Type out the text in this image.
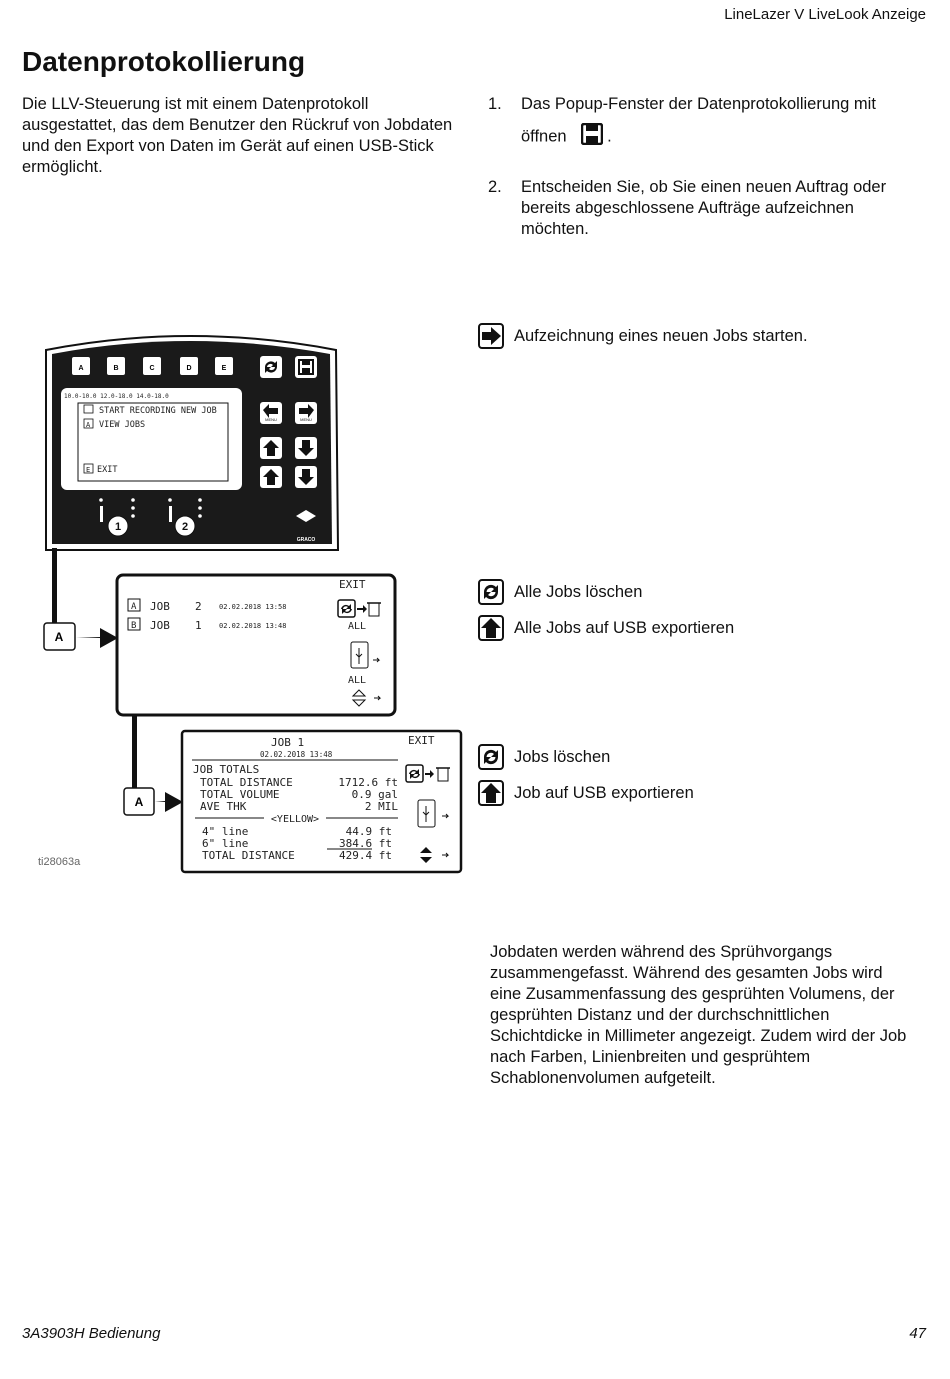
LineLazer V LiveLook Anzeige
Datenprotokollierung
Die LLV-Steuerung ist mit einem Datenprotokoll ausgestattet, das dem Benutzer den Rückruf von Jobdaten und den Export von Daten im Gerät auf einen USB-Stick ermöglicht.
1. Das Popup-Fenster der Datenprotokollierung mit
öffnen .
2. Entscheiden Sie, ob Sie einen neuen Auftrag oder bereits abgeschlossene Aufträge aufzeichnen möchten.
Aufzeichnung eines neuen Jobs starten.
Alle Jobs löschen
Alle Jobs auf USB exportieren
Jobs löschen
Job auf USB exportieren
A	B	C	D	E
MENU	MENU
10.0-10.0 12.0-18.0 14.0-18.0
START RECORDING NEW JOB
A VIEW JOBS
E EXIT
1	2
GRACO
A
A
EXIT
A JOB 2 02.02.2018 13:58
B JOB 1 02.02.2018 13:48	ALL
ALL
JOB 1
02.02.2018 13:48
EXIT
JOB TOTALS
TOTAL DISTANCE	1712.6 ft
TOTAL VOLUME	0.9 gal
AVE THK	2 MIL
<YELLOW>
4" line	44.9 ft
6" line	384.6 ft
TOTAL DISTANCE	429.4 ft
ti28063a
Jobdaten werden während des Sprühvorgangs zusammengefasst. Während des gesamten Jobs wird eine Zusammenfassung des gesprühten Volumens, der gesprühten Distanz und der durchschnittlichen Schichtdicke in Millimeter angezeigt. Zudem wird der Job nach Farben, Linienbreiten und gesprühtem Schablonenvolumen aufgeteilt.
3A3903H Bedienung	47
